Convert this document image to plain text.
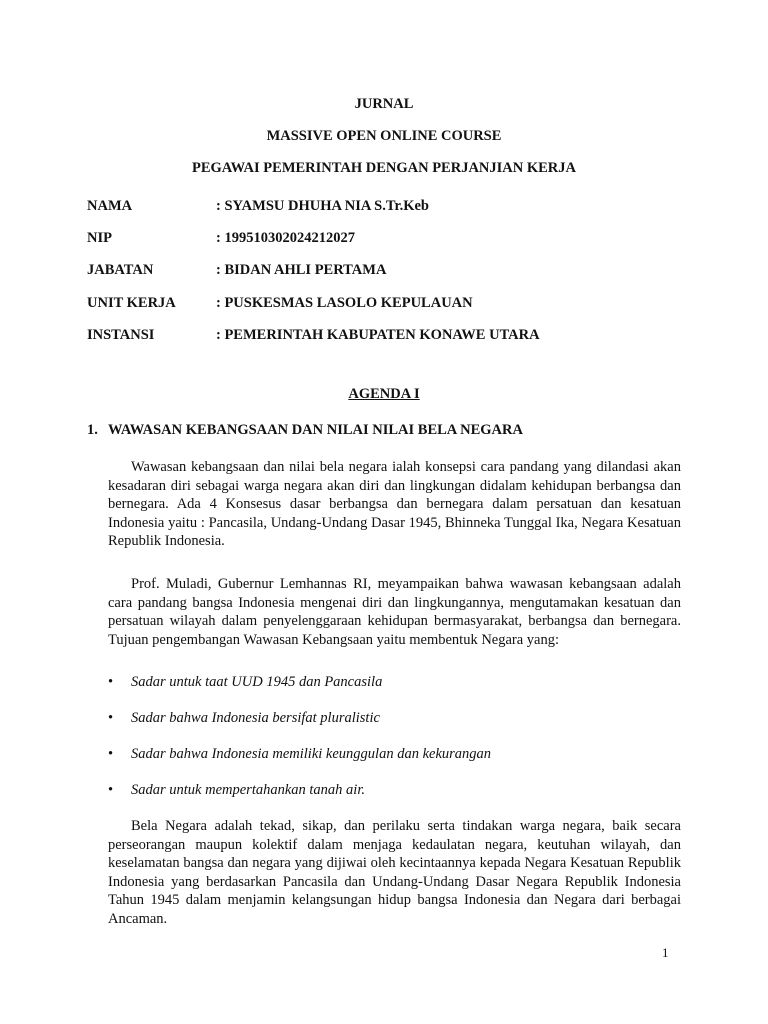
JURNAL
MASSIVE OPEN ONLINE COURSE
PEGAWAI PEMERINTAH DENGAN PERJANJIAN KERJA
NAMA	: SYAMSU DHUHA NIA S.Tr.Keb
NIP	: 199510302024212027
JABATAN	: BIDAN AHLI PERTAMA
UNIT KERJA	: PUSKESMAS LASOLO KEPULAUAN
INSTANSI	: PEMERINTAH KABUPATEN KONAWE UTARA
AGENDA I
1. WAWASAN KEBANGSAAN DAN NILAI NILAI BELA NEGARA

Wawasan kebangsaan dan nilai bela negara ialah konsepsi cara pandang yang dilandasi akan kesadaran diri sebagai warga negara akan diri dan lingkungan didalam kehidupan berbangsa dan bernegara. Ada 4 Konsesus dasar berbangsa dan bernegara dalam persatuan dan kesatuan Indonesia yaitu : Pancasila, Undang-Undang Dasar 1945, Bhinneka Tunggal Ika, Negara Kesatuan Republik Indonesia.

Prof. Muladi, Gubernur Lemhannas RI, meyampaikan bahwa wawasan kebangsaan adalah cara pandang bangsa Indonesia mengenai diri dan lingkungannya, mengutamakan kesatuan dan persatuan wilayah dalam penyelenggaraan kehidupan bermasyarakat, berbangsa dan bernegara. Tujuan pengembangan Wawasan Kebangsaan yaitu membentuk Negara yang:

• Sadar untuk taat UUD 1945 dan Pancasila
• Sadar bahwa Indonesia bersifat pluralistic
• Sadar bahwa Indonesia memiliki keunggulan dan kekurangan
• Sadar untuk mempertahankan tanah air.

Bela Negara adalah tekad, sikap, dan perilaku serta tindakan warga negara, baik secara perseorangan maupun kolektif dalam menjaga kedaulatan negara, keutuhan wilayah, dan keselamatan bangsa dan negara yang dijiwai oleh kecintaannya kepada Negara Kesatuan Republik Indonesia yang berdasarkan Pancasila dan Undang-Undang Dasar Negara Republik Indonesia Tahun 1945 dalam menjamin kelangsungan hidup bangsa Indonesia dan Negara dari berbagai Ancaman.

1
